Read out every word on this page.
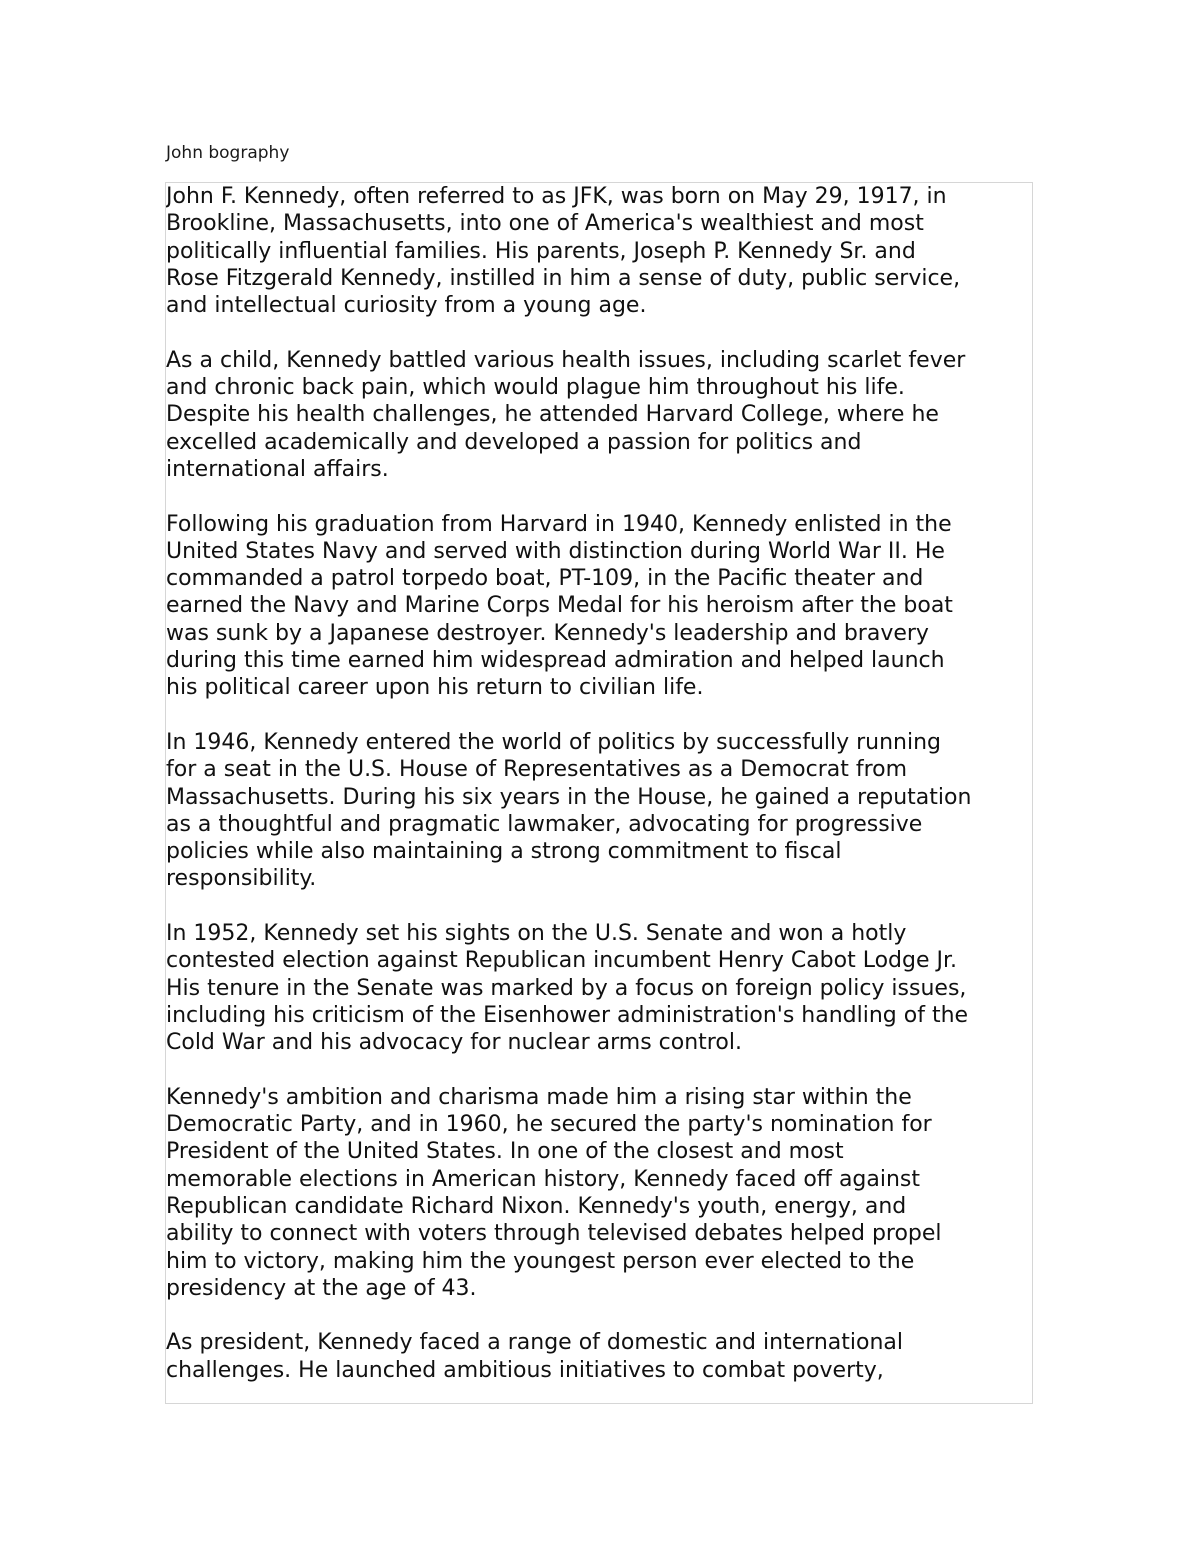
John bography

John F. Kennedy, often referred to as JFK, was born on May 29, 1917, in
Brookline, Massachusetts, into one of America's wealthiest and most
politically influential families. His parents, Joseph P. Kennedy Sr. and
Rose Fitzgerald Kennedy, instilled in him a sense of duty, public service,
and intellectual curiosity from a young age.

As a child, Kennedy battled various health issues, including scarlet fever
and chronic back pain, which would plague him throughout his life.
Despite his health challenges, he attended Harvard College, where he
excelled academically and developed a passion for politics and
international affairs.

Following his graduation from Harvard in 1940, Kennedy enlisted in the
United States Navy and served with distinction during World War II. He
commanded a patrol torpedo boat, PT-109, in the Pacific theater and
earned the Navy and Marine Corps Medal for his heroism after the boat
was sunk by a Japanese destroyer. Kennedy's leadership and bravery
during this time earned him widespread admiration and helped launch
his political career upon his return to civilian life.

In 1946, Kennedy entered the world of politics by successfully running
for a seat in the U.S. House of Representatives as a Democrat from
Massachusetts. During his six years in the House, he gained a reputation
as a thoughtful and pragmatic lawmaker, advocating for progressive
policies while also maintaining a strong commitment to fiscal
responsibility.

In 1952, Kennedy set his sights on the U.S. Senate and won a hotly
contested election against Republican incumbent Henry Cabot Lodge Jr.
His tenure in the Senate was marked by a focus on foreign policy issues,
including his criticism of the Eisenhower administration's handling of the
Cold War and his advocacy for nuclear arms control.

Kennedy's ambition and charisma made him a rising star within the
Democratic Party, and in 1960, he secured the party's nomination for
President of the United States. In one of the closest and most
memorable elections in American history, Kennedy faced off against
Republican candidate Richard Nixon. Kennedy's youth, energy, and
ability to connect with voters through televised debates helped propel
him to victory, making him the youngest person ever elected to the
presidency at the age of 43.

As president, Kennedy faced a range of domestic and international
challenges. He launched ambitious initiatives to combat poverty,
